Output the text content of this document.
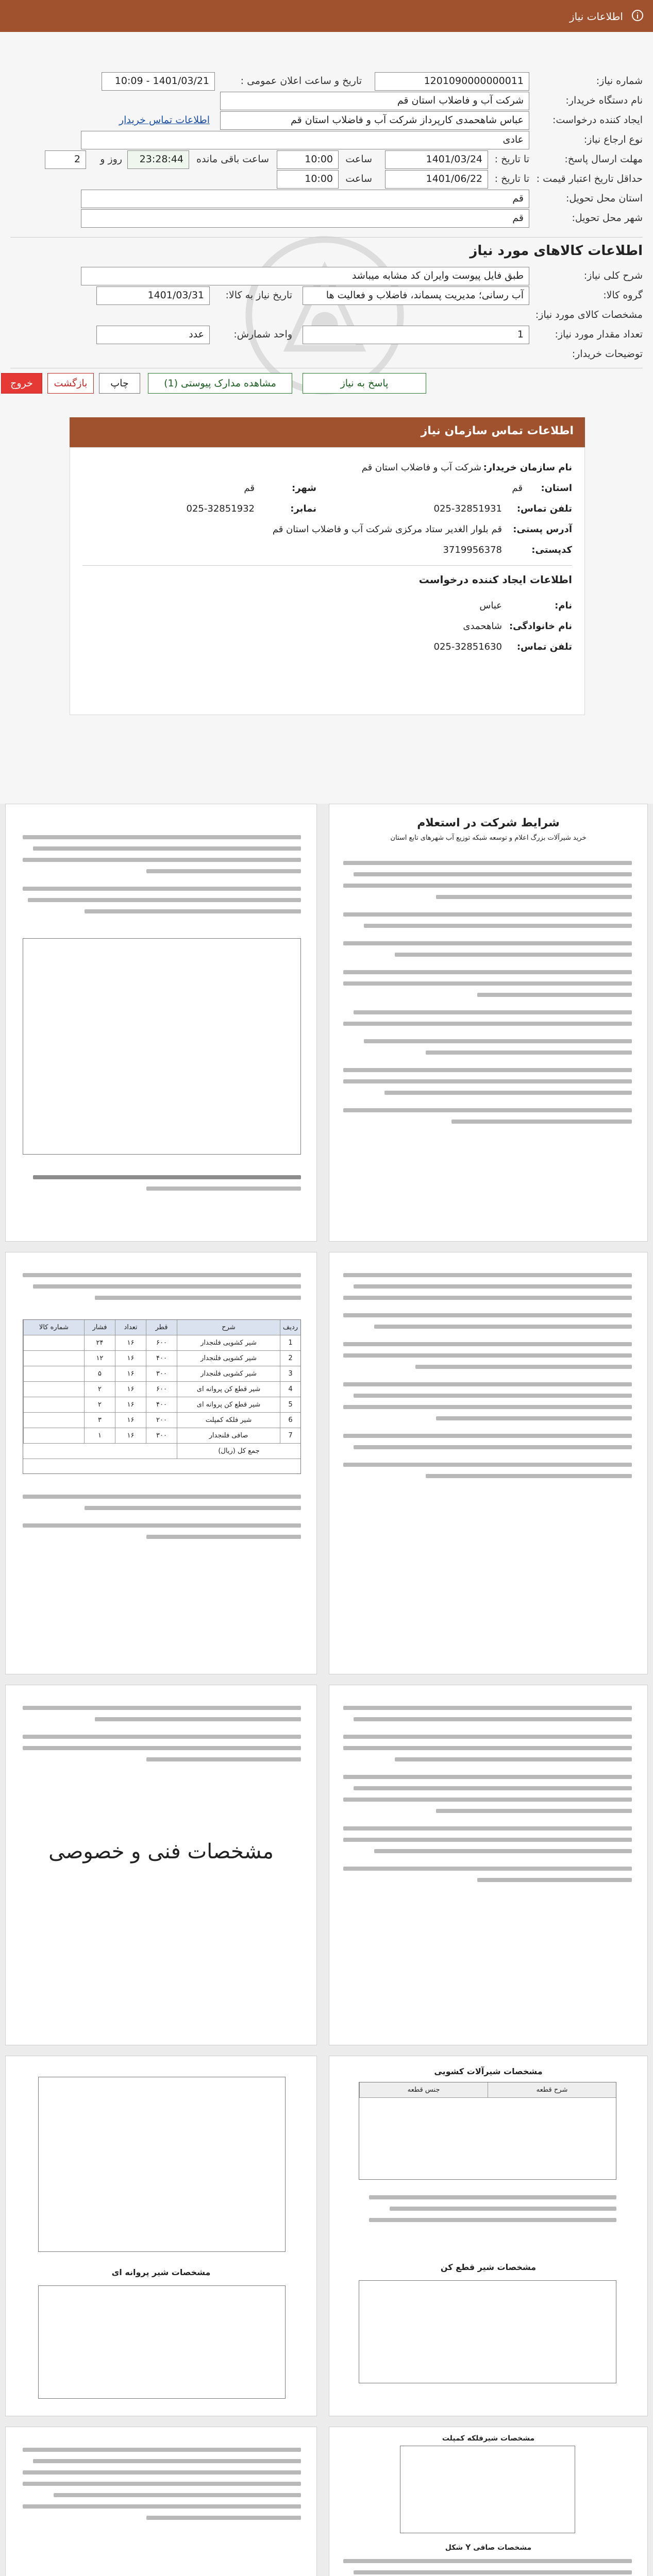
اطلاعات نیاز
شماره نیاز:
1201090000000011
تاریخ و ساعت اعلان عمومی :
1401/03/21 - 10:09
نام دستگاه خریدار:
شرکت آب و فاضلاب استان قم
ایجاد کننده درخواست:
عباس شاهحمدی کارپرداز شرکت آب و فاضلاب استان قم
اطلاعات تماس خریدار
نوع ارجاع نیاز:
عادی
مهلت ارسال پاسخ:
تا تاریخ :
1401/03/24
ساعت
10:00
ساعت باقی مانده
23:28:44
روز و
2
حداقل تاریخ اعتبار قیمت :
تا تاریخ :
1401/06/22
ساعت
10:00
استان محل تحویل:
قم
شهر محل تحویل:
قم
اطلاعات کالاهای مورد نیاز
شرح کلی نیاز:
طبق فایل پیوست وایران کد مشابه میباشد
گروه کالا:
آب رسانی؛ مدیریت پسماند، فاضلاب و فعالیت ها
تاریخ نیاز به کالا:
1401/03/31
مشخصات کالای مورد نیاز:
تعداد مقدار مورد نیاز:
1
واحد شمارش:
عدد
توضیحات خریدار:
پاسخ به نیاز
مشاهده مدارک پیوستی (1)
چاپ
بازگشت
خروج
اطلاعات تماس سازمان نیاز
نام سازمان خریدار:
شرکت آب و فاضلاب استان قم
استان:
قم
شهر:
قم
تلفن تماس:
025-32851931
نمابر:
025-32851932
آدرس پستی:
قم بلوار الغدیر ستاد مرکزی شرکت آب و فاضلاب استان قم
کدپستی:
3719956378
اطلاعات ایجاد کننده درخواست
نام:
عباس
نام خانوادگی:
شاهحمدی
تلفن تماس:
025-32851630
شرایط شرکت در استعلام
خرید شیرآلات بزرگ اعلام و توسعه شبکه توزیع آب شهرهای تابع استان
ردیف
شرح
قطر
تعداد
فشار
شماره کالا
1
شیر کشویی فلنجدار
۶۰۰
۱۶
۲۴
2
شیر کشویی فلنجدار
۴۰۰
۱۶
۱۲
3
شیر کشویی فلنجدار
۳۰۰
۱۶
۵
4
شیر قطع کن پروانه ای
۶۰۰
۱۶
۲
5
شیر قطع کن پروانه ای
۴۰۰
۱۶
۲
6
شیر فلکه کمپلت
۲۰۰
۱۶
۳
7
صافی فلنجدار
۳۰۰
۱۶
۱
جمع کل (ریال)
مشخصات فنی و خصوصی
مشخصات شیر پروانه ای
مشخصات شیرآلات کشویی
شرح قطعه
جنس قطعه
مشخصات شیر قطع کن
مشخصات شیرفلکه کمپلت
مشخصات صافی Y شکل
